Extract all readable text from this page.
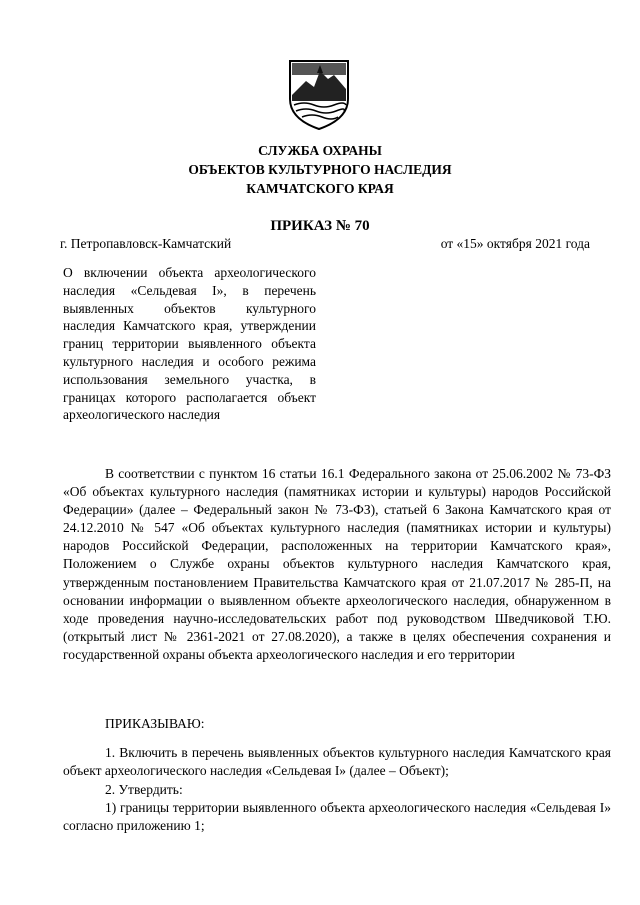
СЛУЖБА ОХРАНЫ
ОБЪЕКТОВ КУЛЬТУРНОГО НАСЛЕДИЯ
КАМЧАТСКОГО КРАЯ
ПРИКАЗ № 70
г. Петропавловск-Камчатский	от «15» октября 2021 года
О включении объекта археологического наследия «Сельдевая I», в перечень выявленных объектов культурного наследия Камчатского края, утверждении границ территории выявленного объекта культурного наследия и особого режима использования земельного участка, в границах которого располагается объект археологического наследия
В соответствии с пунктом 16 статьи 16.1 Федерального закона от 25.06.2002 № 73-ФЗ «Об объектах культурного наследия (памятниках истории и культуры) народов Российской Федерации» (далее – Федеральный закон № 73-ФЗ), статьей 6 Закона Камчатского края от 24.12.2010 № 547 «Об объектах культурного наследия (памятниках истории и культуры) народов Российской Федерации, расположенных на территории Камчатского края», Положением о Службе охраны объектов культурного наследия Камчатского края, утвержденным постановлением Правительства Камчатского края от 21.07.2017 № 285-П, на основании информации о выявленном объекте археологического наследия, обнаруженном в ходе проведения научно-исследовательских работ под руководством Шведчиковой Т.Ю. (открытый лист № 2361-2021 от 27.08.2020), а также в целях обеспечения сохранения и государственной охраны объекта археологического наследия и его территории
ПРИКАЗЫВАЮ:
1. Включить в перечень выявленных объектов культурного наследия Камчатского края объект археологического наследия «Сельдевая I» (далее – Объект);
2. Утвердить:
1) границы территории выявленного объекта археологического наследия «Сельдевая I» согласно приложению 1;
